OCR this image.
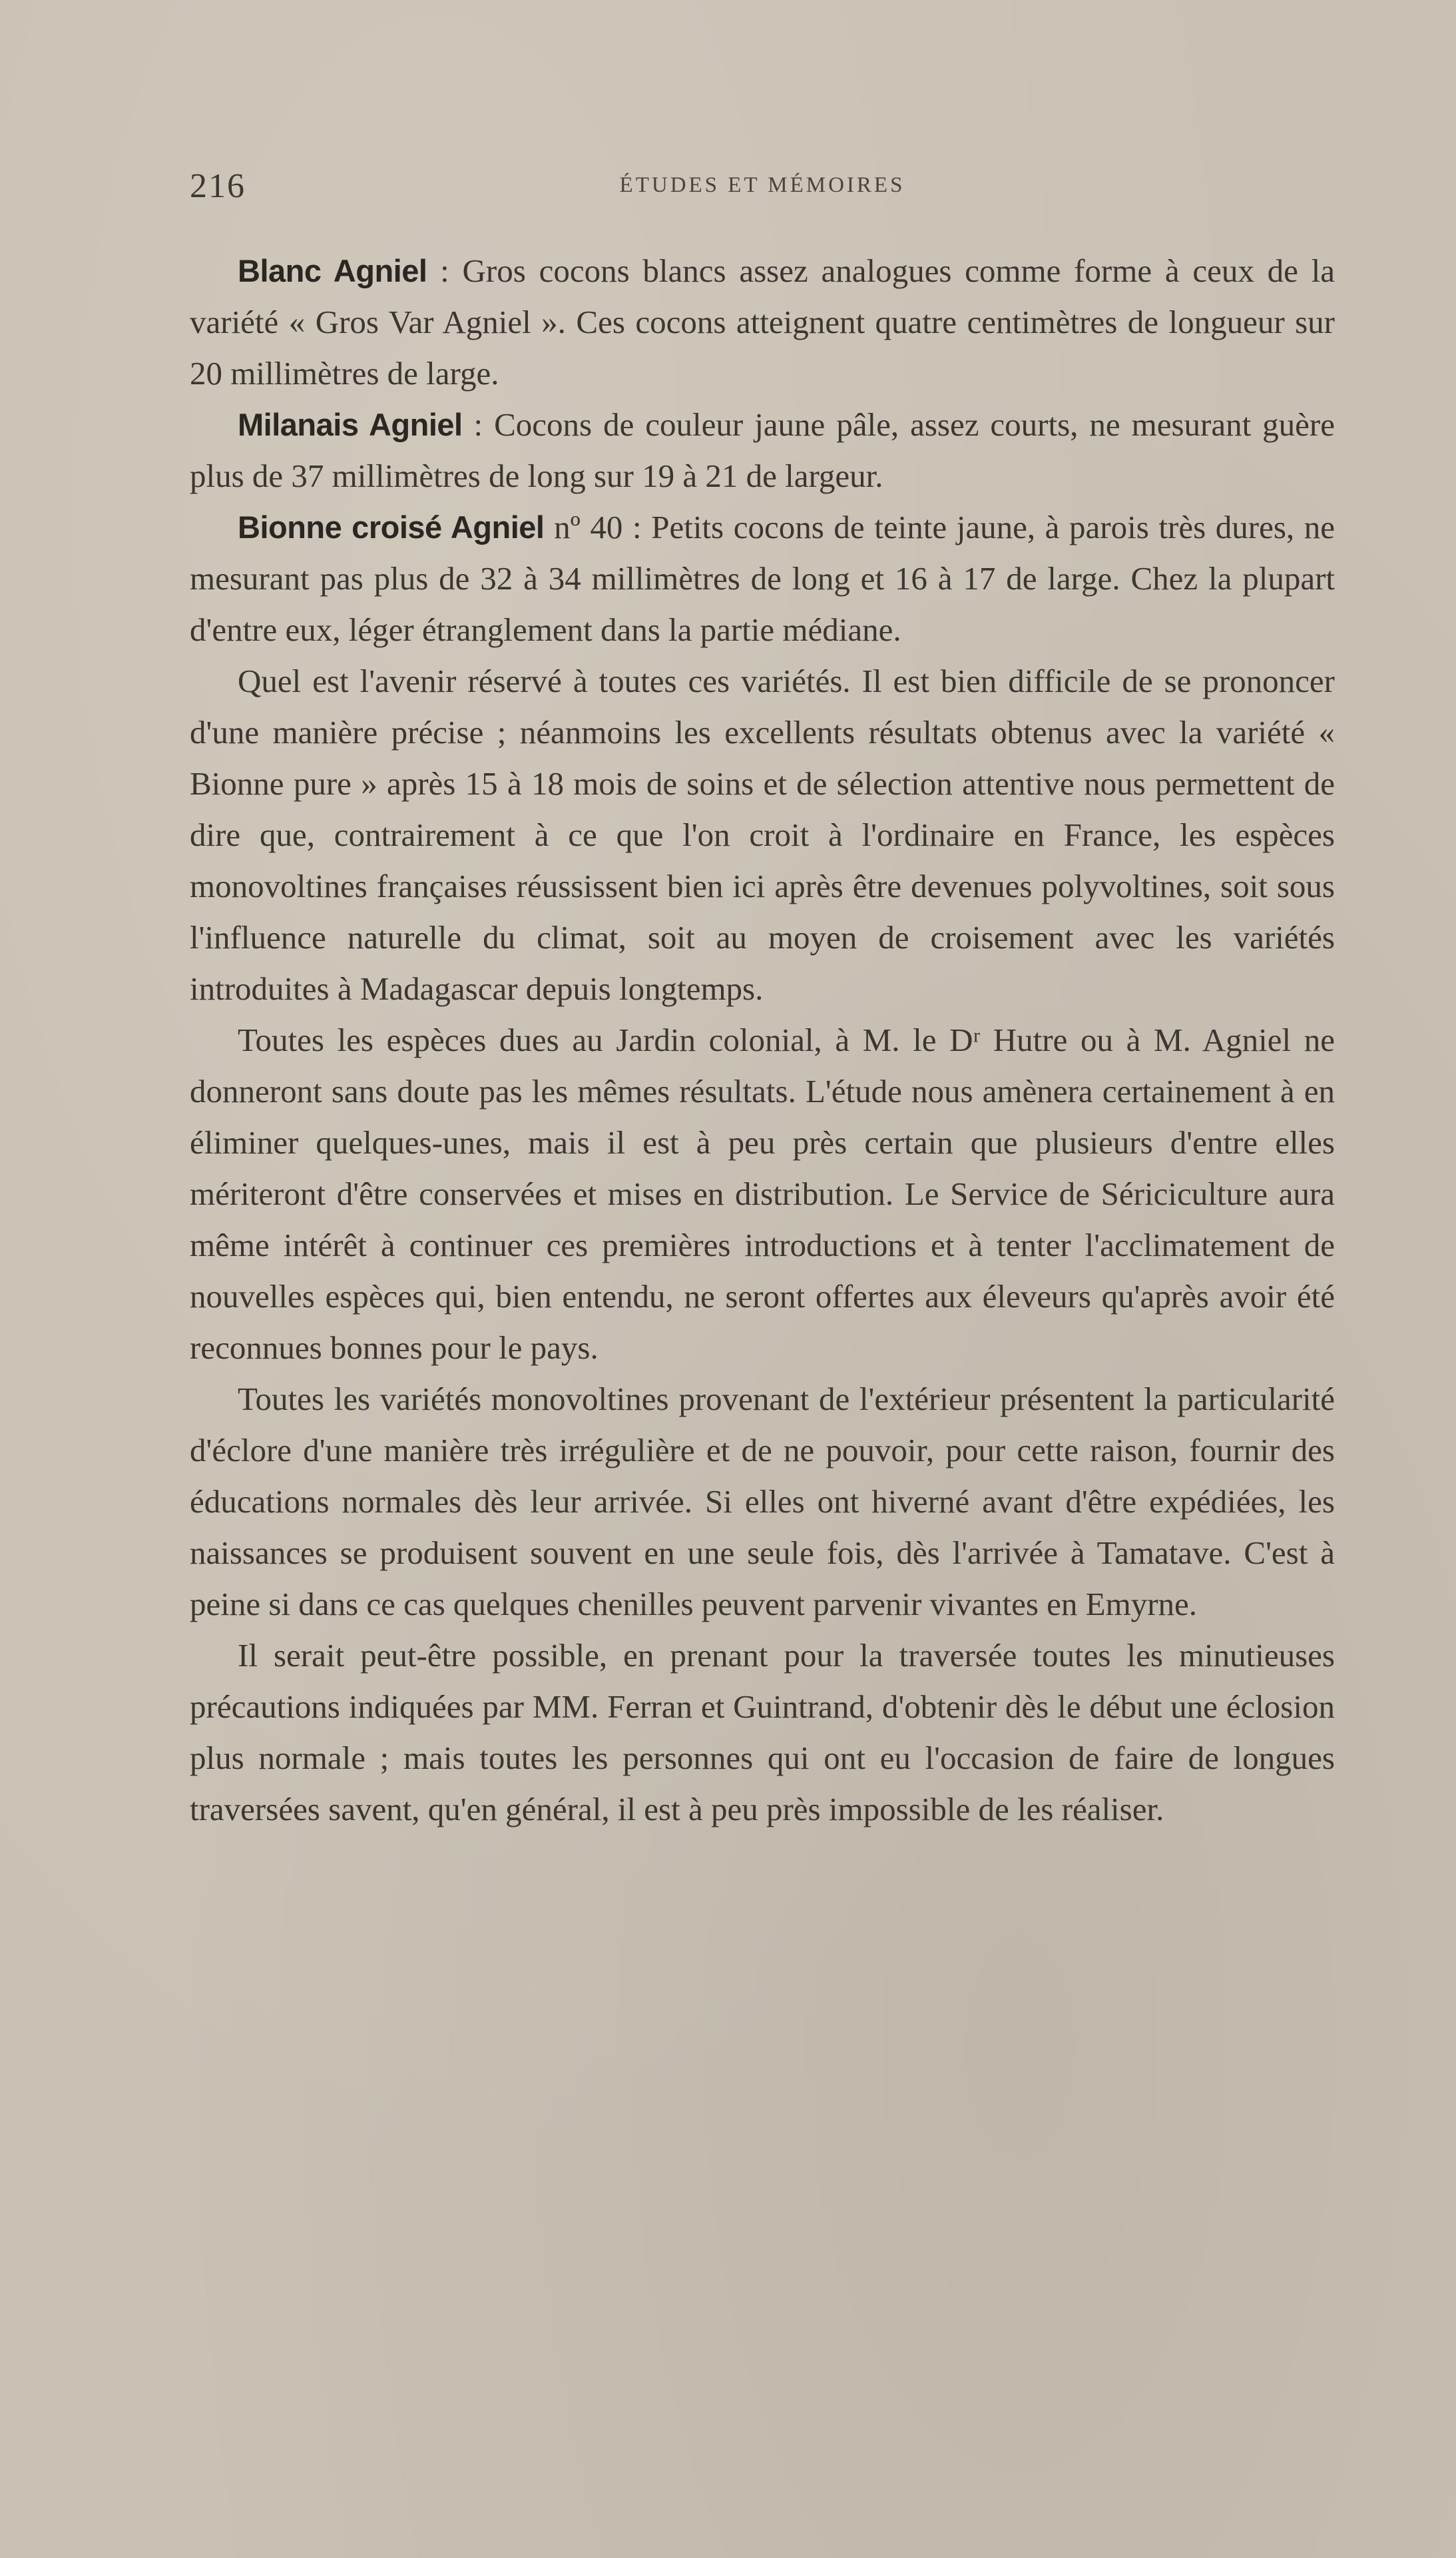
216	ÉTUDES ET MÉMOIRES

Blanc Agniel : Gros cocons blancs assez analogues comme forme à ceux de la variété « Gros Var Agniel ». Ces cocons atteignent quatre centimètres de longueur sur 20 millimètres de large.

Milanais Agniel : Cocons de couleur jaune pâle, assez courts, ne mesurant guère plus de 37 millimètres de long sur 19 à 21 de largeur.

Bionne croisé Agniel nº 40 : Petits cocons de teinte jaune, à parois très dures, ne mesurant pas plus de 32 à 34 millimètres de long et 16 à 17 de large. Chez la plupart d'entre eux, léger étranglement dans la partie médiane.

Quel est l'avenir réservé à toutes ces variétés. Il est bien difficile de se prononcer d'une manière précise ; néanmoins les excellents résultats obtenus avec la variété « Bionne pure » après 15 à 18 mois de soins et de sélection attentive nous permettent de dire que, contrairement à ce que l'on croit à l'ordinaire en France, les espèces monovoltines françaises réussissent bien ici après être devenues polyvoltines, soit sous l'influence naturelle du climat, soit au moyen de croisement avec les variétés introduites à Madagascar depuis longtemps.

Toutes les espèces dues au Jardin colonial, à M. le Dʳ Hutre ou à M. Agniel ne donneront sans doute pas les mêmes résultats. L'étude nous amènera certainement à en éliminer quelques-unes, mais il est à peu près certain que plusieurs d'entre elles mériteront d'être conservées et mises en distribution. Le Service de Sériciculture aura même intérêt à continuer ces premières introductions et à tenter l'acclimatement de nouvelles espèces qui, bien entendu, ne seront offertes aux éleveurs qu'après avoir été reconnues bonnes pour le pays.

Toutes les variétés monovoltines provenant de l'extérieur présentent la particularité d'éclore d'une manière très irrégulière et de ne pouvoir, pour cette raison, fournir des éducations normales dès leur arrivée. Si elles ont hiverné avant d'être expédiées, les naissances se produisent souvent en une seule fois, dès l'arrivée à Tamatave. C'est à peine si dans ce cas quelques chenilles peuvent parvenir vivantes en Emyrne.

Il serait peut-être possible, en prenant pour la traversée toutes les minutieuses précautions indiquées par MM. Ferran et Guintrand, d'obtenir dès le début une éclosion plus normale ; mais toutes les personnes qui ont eu l'occasion de faire de longues traversées savent, qu'en général, il est à peu près impossible de les réaliser.
